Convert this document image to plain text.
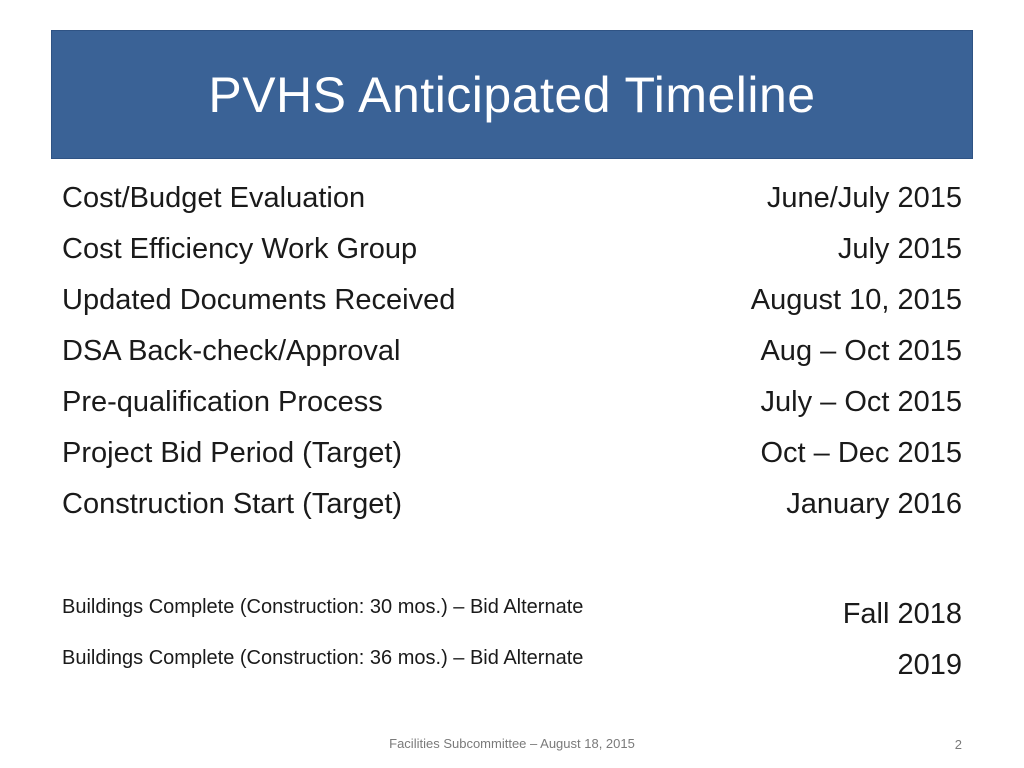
PVHS Anticipated Timeline
Cost/Budget Evaluation	June/July 2015
Cost Efficiency Work Group	July 2015
Updated Documents Received	August 10, 2015
DSA Back-check/Approval	Aug – Oct 2015
Pre-qualification Process	July – Oct 2015
Project Bid Period (Target)	Oct – Dec 2015
Construction Start (Target)	January 2016
Buildings Complete (Construction: 30 mos.) – Bid Alternate	Fall 2018
Buildings Complete (Construction: 36 mos.) – Bid Alternate	2019
Facilities Subcommittee – August 18, 2015	2
